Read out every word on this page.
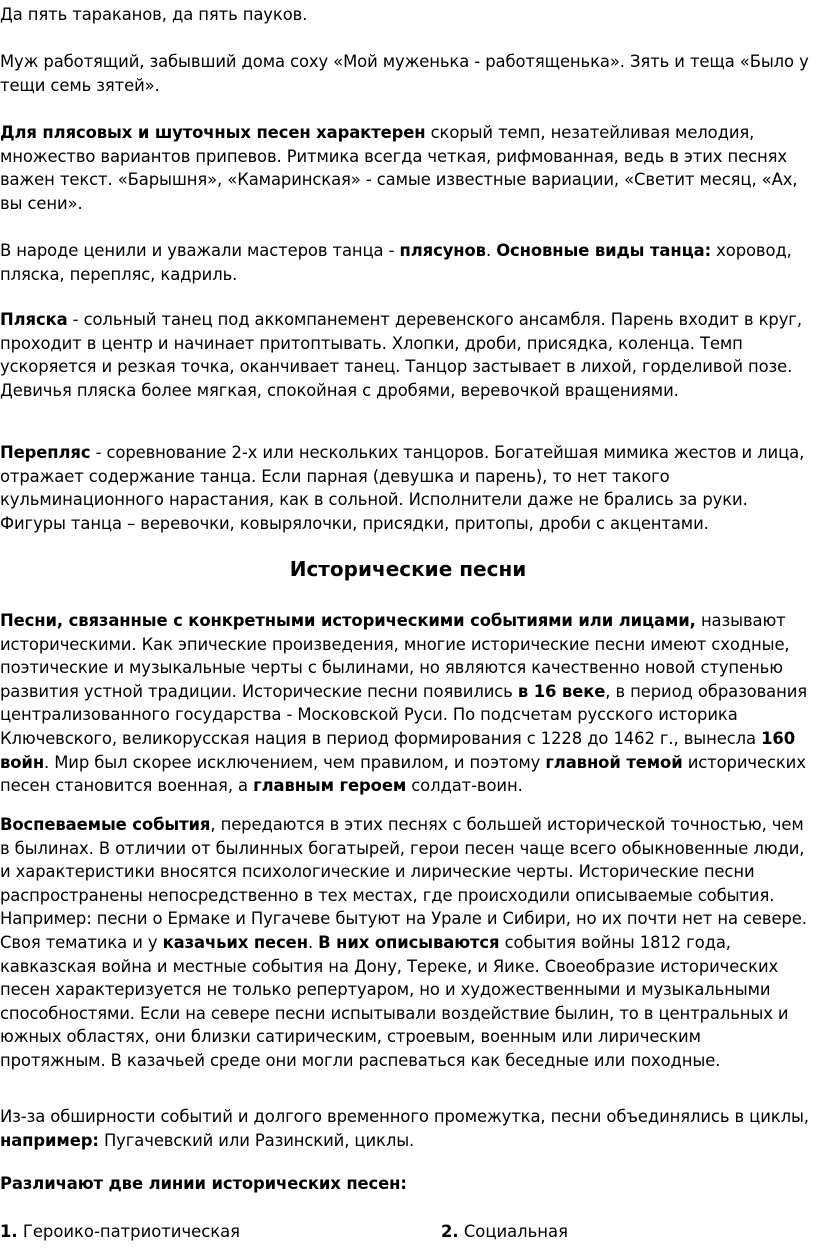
Да пять тараканов, да пять пауков.

Муж работящий, забывший дома соху «Мой муженька - работященька». Зять и теща «Было у тещи семь зятей».

Для плясовых и шуточных песен характерен скорый темп, незатейливая мелодия, множество вариантов припевов. Ритмика всегда четкая, рифмованная, ведь в этих песнях важен текст. «Барышня», «Камаринская» - самые известные вариации, «Светит месяц, «Ах, вы сени».

В народе ценили и уважали мастеров танца - плясунов. Основные виды танца: хоровод, пляска, перепляс, кадриль.

Пляска - сольный танец под аккомпанемент деревенского ансамбля. Парень входит в круг, проходит в центр и начинает притоптывать. Хлопки, дроби, присядка, коленца. Темп ускоряется и резкая точка, оканчивает танец. Танцор застывает в лихой, горделивой позе. Девичья пляска более мягкая, спокойная с дробями, веревочкой вращениями.

Перепляс - соревнование 2-х или нескольких танцоров. Богатейшая мимика жестов и лица, отражает содержание танца. Если парная (девушка и парень), то нет такого кульминационного нарастания, как в сольной. Исполнители даже не брались за руки. Фигуры танца – веревочки, ковырялочки, присядки, притопы, дроби с акцентами.

Исторические песни

Песни, связанные с конкретными историческими событиями или лицами, называют историческими. Как эпические произведения, многие исторические песни имеют сходные, поэтические и музыкальные черты с былинами, но являются качественно новой ступенью развития устной традиции. Исторические песни появились в 16 веке, в период образования централизованного государства - Московской Руси. По подсчетам русского историка Ключевского, великорусская нация в период формирования с 1228 до 1462 г., вынесла 160 войн. Мир был скорее исключением, чем правилом, и поэтому главной темой исторических песен становится военная, а главным героем солдат-воин.

Воспеваемые события, передаются в этих песнях с большей исторической точностью, чем в былинах. В отличии от былинных богатырей, герои песен чаще всего обыкновенные люди, и характеристики вносятся психологические и лирические черты. Исторические песни распространены непосредственно в тех местах, где происходили описываемые события. Например: песни о Ермаке и Пугачеве бытуют на Урале и Сибири, но их почти нет на севере. Своя тематика и у казачьих песен. В них описываются события войны 1812 года, кавказская война и местные события на Дону, Тереке, и Яике. Своеобразие исторических песен характеризуется не только репертуаром, но и художественными и музыкальными способностями. Если на севере песни испытывали воздействие былин, то в центральных и южных областях, они близки сатирическим, строевым, военным или лирическим протяжным. В казачьей среде они могли распеваться как беседные или походные.

Из-за обширности событий и долгого временного промежутка, песни объединялись в циклы, например: Пугачевский или Разинский, циклы.

Различают две линии исторических песен:

1. Героико-патриотическая	2. Социальная
